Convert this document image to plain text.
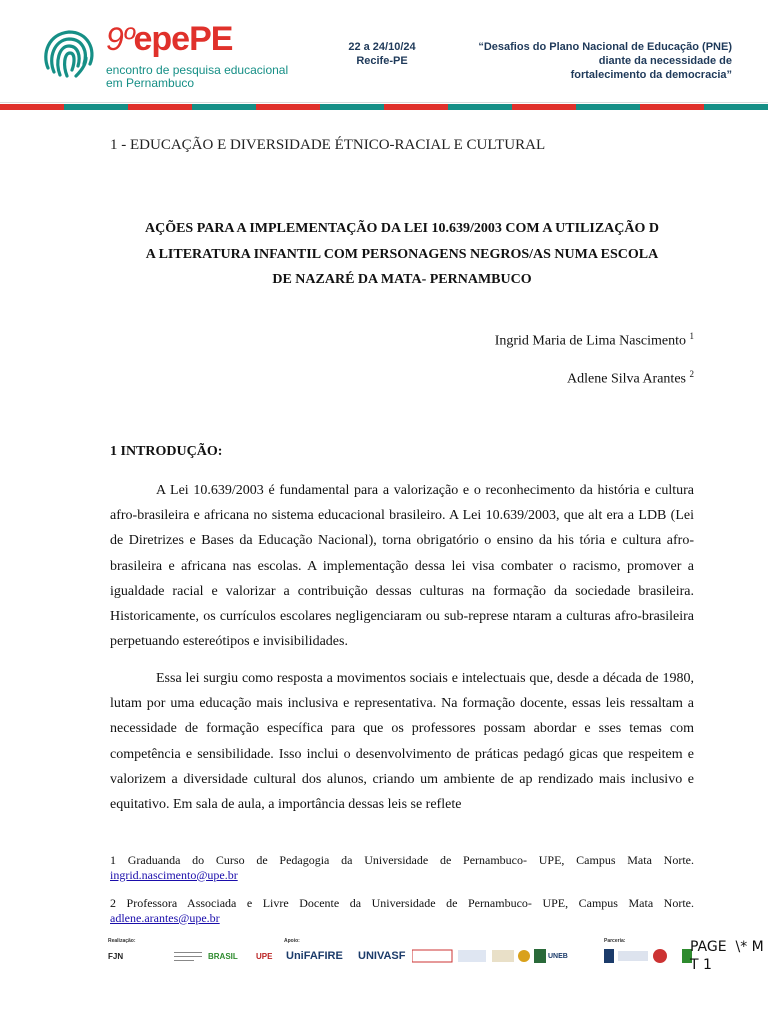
9ºepePE
encontro de pesquisa educacional
em Pernambuco
22 a 24/10/24
Recife-PE
“Desafios do Plano Nacional de Educação (PNE)
diante da necessidade de
fortalecimento da democracia”
1 - EDUCAÇÃO E DIVERSIDADE ÉTNICO-RACIAL E CULTURAL
AÇÕES PARA A IMPLEMENTAÇÃO DA LEI 10.639/2003 COM A UTILIZAÇÃO D
A LITERATURA INFANTIL COM PERSONAGENS NEGROS/AS NUMA ESCOLA
DE NAZARÉ DA MATA- PERNAMBUCO
Ingrid Maria de Lima Nascimento $^1$
Adlene Silva Arantes $^2$
1 INTRODUÇÃO:

A Lei 10.639/2003 é fundamental para a valorização e o reconhecimento da história e cultura afro-brasileira e africana no sistema educacional brasileiro. A Lei 10.639/2003, que alt era a LDB (Lei de Diretrizes e Bases da Educação Nacional), torna obrigatório o ensino da his tória e cultura afro-brasileira e africana nas escolas. A implementação dessa lei visa combater o racismo, promover a igualdade racial e valorizar a contribuição dessas culturas na formação da sociedade brasileira. Historicamente, os currículos escolares negligenciaram ou sub-represe ntaram a culturas afro-brasileira perpetuando estereótipos e invisibilidades.

Essa lei surgiu como resposta a movimentos sociais e intelectuais que, desde a década de 1980, lutam por uma educação mais inclusiva e representativa. Na formação docente, essas leis ressaltam a necessidade de formação específica para que os professores possam abordar e sses temas com competência e sensibilidade. Isso inclui o desenvolvimento de práticas pedagó gicas que respeitem e valorizem a diversidade cultural dos alunos, criando um ambiente de ap rendizado mais inclusivo e equitativo. Em sala de aula, a importância dessas leis se reflete

1 Graduanda do Curso de Pedagogia da Universidade de Pernambuco- UPE, Campus Mata Norte. ingrid.nascimento@upe.br
2 Professora Associada e Livre Docente da Universidade de Pernambuco- UPE, Campus Mata Norte. adlene.arantes@upe.br
Realização:	Apoio:	Parceria:
FJN	BRASIL UPE UniFAFIRE UNIVASF	UNEB
PAGE  \* M
T 1
